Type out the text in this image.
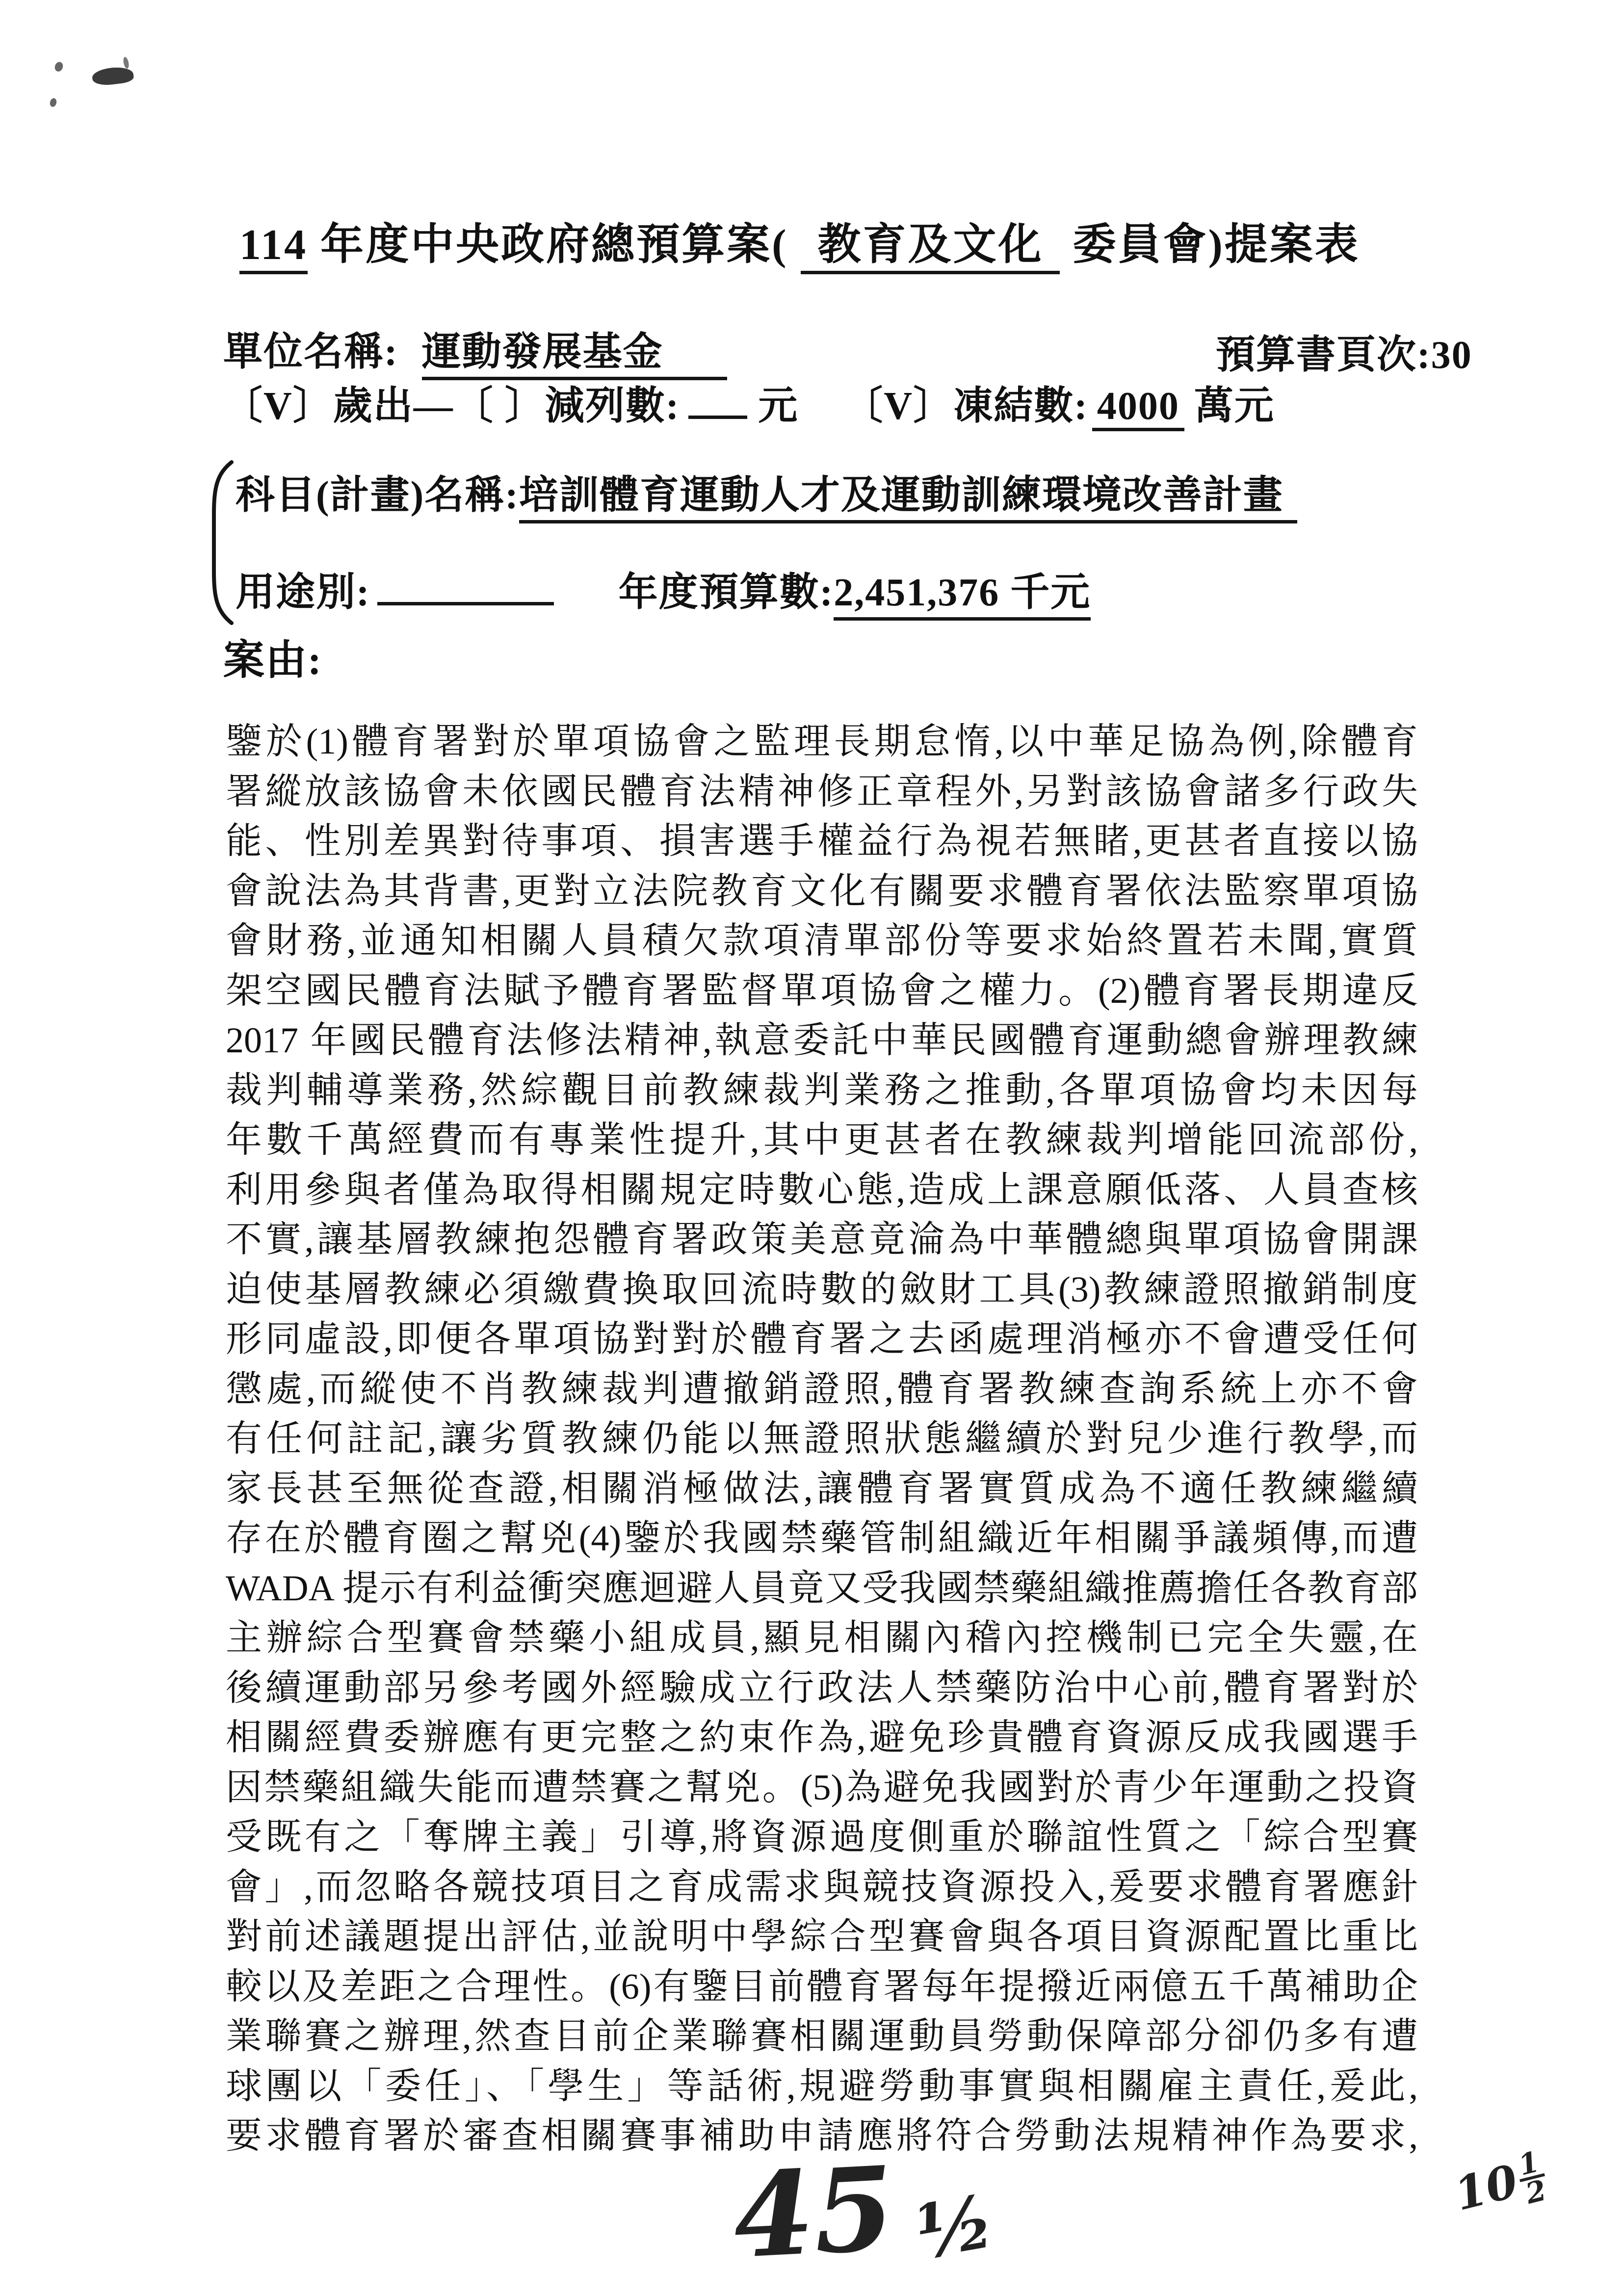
114 年度中央政府總預算案( 教育及文化 委員會)提案表
單位名稱: 運動發展基金	預算書頁次:30
〔V〕歲出—〔 〕減列數: 元 〔V〕凍結數: 4000 萬元
科目(計畫)名稱:培訓體育運動人才及運動訓練環境改善計畫
用途別:	年度預算數:2,451,376 千元
案由:
鑒於(1)體育署對於單項協會之監理長期怠惰,以中華足協為例,除體育
署縱放該協會未依國民體育法精神修正章程外,另對該協會諸多行政失
能、性別差異對待事項、損害選手權益行為視若無睹,更甚者直接以協
會說法為其背書,更對立法院教育文化有關要求體育署依法監察單項協
會財務,並通知相關人員積欠款項清單部份等要求始終置若未聞,實質
架空國民體育法賦予體育署監督單項協會之權力。(2)體育署長期違反
2017 年國民體育法修法精神,執意委託中華民國體育運動總會辦理教練
裁判輔導業務,然綜觀目前教練裁判業務之推動,各單項協會均未因每
年數千萬經費而有專業性提升,其中更甚者在教練裁判增能回流部份,
利用參與者僅為取得相關規定時數心態,造成上課意願低落、人員查核
不實,讓基層教練抱怨體育署政策美意竟淪為中華體總與單項協會開課
迫使基層教練必須繳費換取回流時數的斂財工具(3)教練證照撤銷制度
形同虛設,即便各單項協對對於體育署之去函處理消極亦不會遭受任何
懲處,而縱使不肖教練裁判遭撤銷證照,體育署教練查詢系統上亦不會
有任何註記,讓劣質教練仍能以無證照狀態繼續於對兒少進行教學,而
家長甚至無從查證,相關消極做法,讓體育署實質成為不適任教練繼續
存在於體育圈之幫兇(4)鑒於我國禁藥管制組織近年相關爭議頻傳,而遭
WADA 提示有利益衝突應迴避人員竟又受我國禁藥組織推薦擔任各教育部
主辦綜合型賽會禁藥小組成員,顯見相關內稽內控機制已完全失靈,在
後續運動部另參考國外經驗成立行政法人禁藥防治中心前,體育署對於
相關經費委辦應有更完整之約束作為,避免珍貴體育資源反成我國選手
因禁藥組織失能而遭禁賽之幫兇。(5)為避免我國對於青少年運動之投資
受既有之「奪牌主義」引導,將資源過度側重於聯誼性質之「綜合型賽
會」,而忽略各競技項目之育成需求與競技資源投入,爰要求體育署應針
對前述議題提出評估,並說明中學綜合型賽會與各項目資源配置比重比
較以及差距之合理性。(6)有鑒目前體育署每年提撥近兩億五千萬補助企
業聯賽之辦理,然查目前企業聯賽相關運動員勞動保障部分卻仍多有遭
球團以「委任」、「學生」等話術,規避勞動事實與相關雇主責任,爰此,
要求體育署於審查相關賽事補助申請應將符合勞動法規精神作為要求,
45 ½	10
$\frac{1}{2}$
